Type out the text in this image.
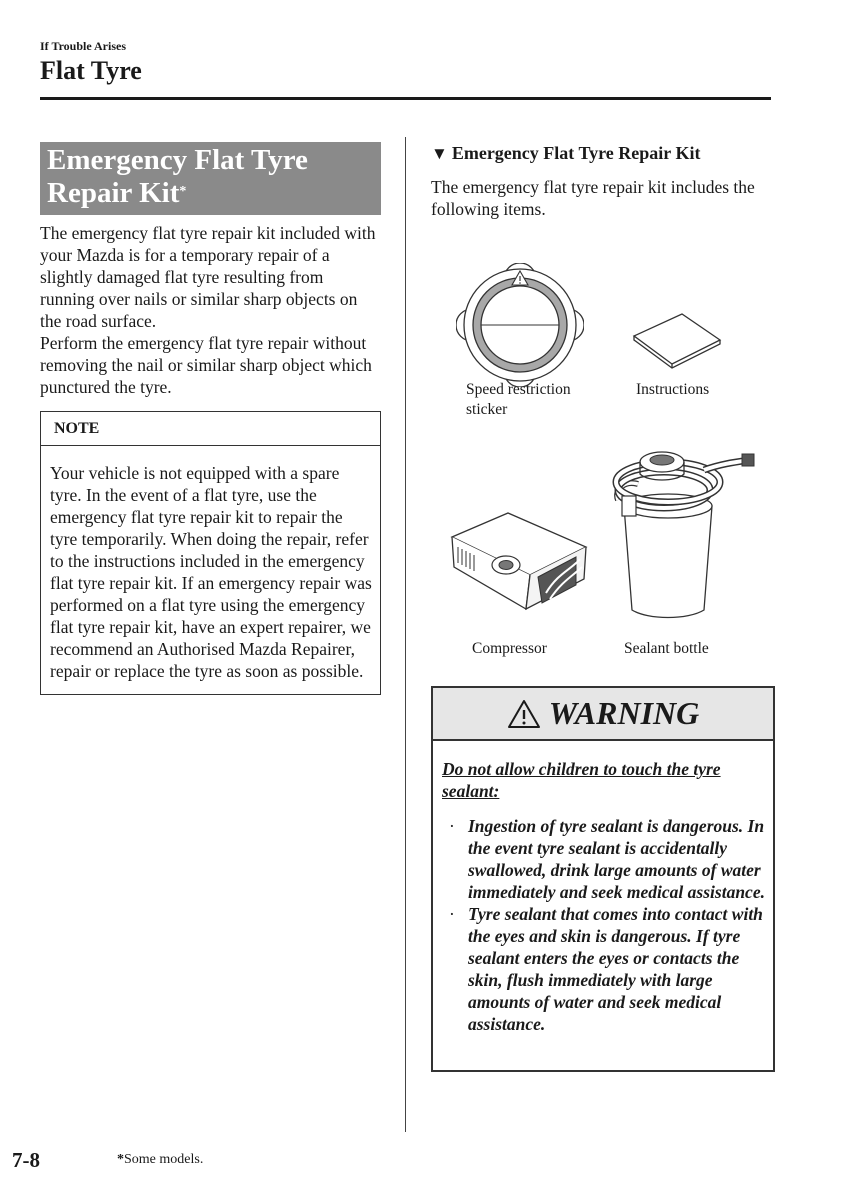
If Trouble Arises
Flat Tyre
Emergency Flat Tyre
Repair Kit*

The emergency flat tyre repair kit included with your Mazda is for a temporary repair of a slightly damaged flat tyre resulting from running over nails or similar sharp objects on the road surface.

Perform the emergency flat tyre repair without removing the nail or similar sharp object which punctured the tyre.

NOTE
Your vehicle is not equipped with a spare tyre. In the event of a flat tyre, use the emergency flat tyre repair kit to repair the tyre temporarily. When doing the repair, refer to the instructions included in the emergency flat tyre repair kit. If an emergency repair was performed on a flat tyre using the emergency flat tyre repair kit, have an expert repairer, we recommend an Authorised Mazda Repairer, repair or replace the tyre as soon as possible.
▼ Emergency Flat Tyre Repair Kit
The emergency flat tyre repair kit includes the following items.
Speed restriction
sticker
Instructions
Compressor	Sealant bottle
WARNING
Do not allow children to touch the tyre sealant:
· Ingestion of tyre sealant is dangerous. In the event tyre sealant is accidentally swallowed, drink large amounts of water immediately and seek medical assistance.
· Tyre sealant that comes into contact with the eyes and skin is dangerous. If tyre sealant enters the eyes or contacts the skin, flush immediately with large amounts of water and seek medical assistance.
7-8	*Some models.
